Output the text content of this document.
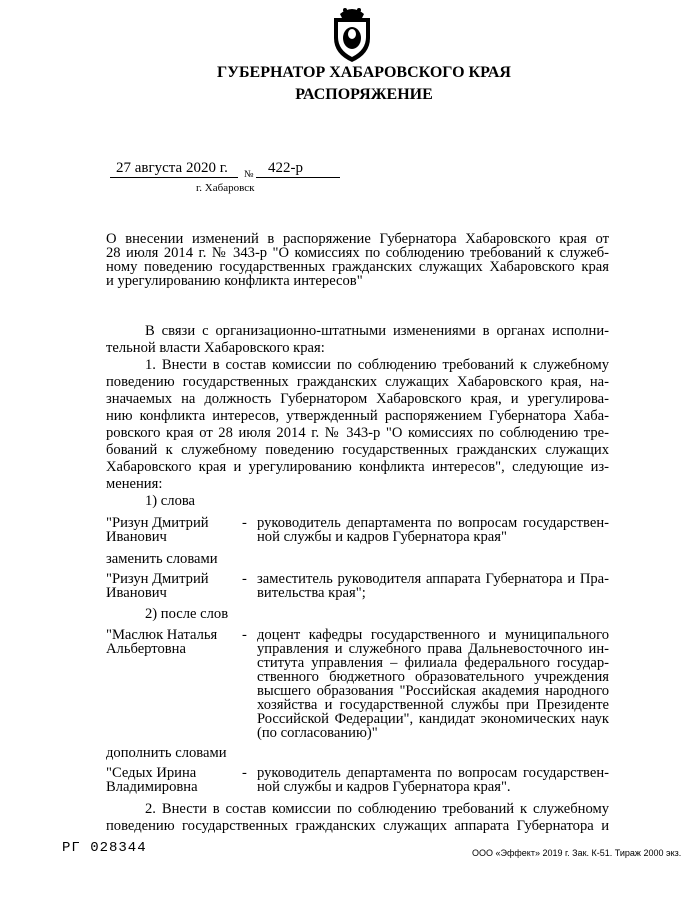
ГУБЕРНАТОР ХАБАРОВСКОГО КРАЯ
РАСПОРЯЖЕНИЕ
27 августа 2020 г. № 422-р
г. Хабаровск
О внесении изменений в распоряжение Губернатора Хабаровского края от
28 июля 2014 г. № 343-р "О комиссиях по соблюдению требований к служеб-
ному поведению государственных гражданских служащих Хабаровского края
и урегулированию конфликта интересов"
В связи с организационно-штатными изменениями в органах исполни-
тельной власти Хабаровского края:
1. Внести в состав комиссии по соблюдению требований к служебному
поведению государственных гражданских служащих Хабаровского края, на-
значаемых на должность Губернатором Хабаровского края, и урегулирова-
нию конфликта интересов, утвержденный распоряжением Губернатора Хаба-
ровского края от 28 июля 2014 г. № 343-р "О комиссиях по соблюдению тре-
бований к служебному поведению государственных гражданских служащих
Хабаровского края и урегулированию конфликта интересов", следующие из-
менения:
1) слова
"Ризун Дмитрий
Иванович
- руководитель департамента по вопросам государствен-
ной службы и кадров Губернатора края"
заменить словами
"Ризун Дмитрий
Иванович
- заместитель руководителя аппарата Губернатора и Пра-
вительства края";
2) после слов
"Маслюк Наталья
Альбертовна
- доцент кафедры государственного и муниципального
управления и служебного права Дальневосточного ин-
ститута управления – филиала федерального государ-
ственного бюджетного образовательного учреждения
высшего образования "Российская академия народного
хозяйства и государственной службы при Президенте
Российской Федерации", кандидат экономических наук
(по согласованию)"
дополнить словами
"Седых Ирина
Владимировна
- руководитель департамента по вопросам государствен-
ной службы и кадров Губернатора края".
2. Внести в состав комиссии по соблюдению требований к служебному
поведению государственных гражданских служащих аппарата Губернатора и
РГ 028344	ООО «Эффект» 2019 г. Зак. К-51. Тираж 2000 экз.
